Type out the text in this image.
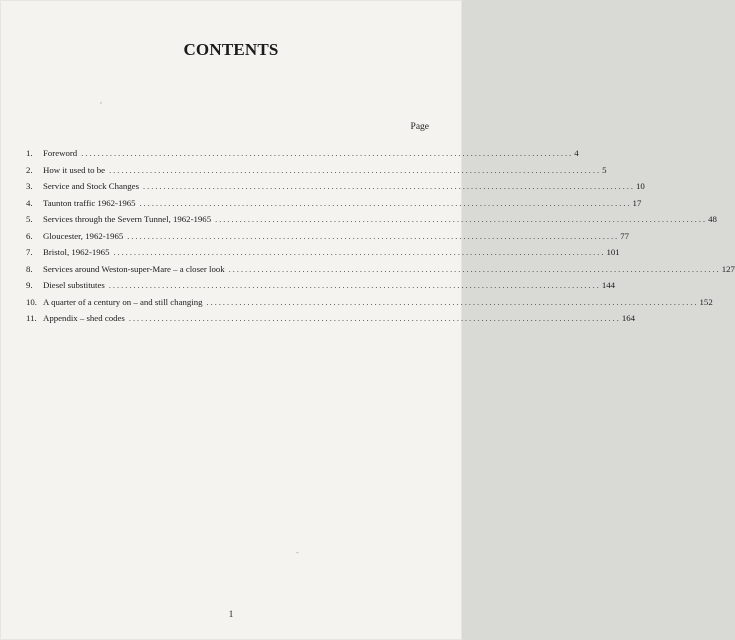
CONTENTS
Page
1.	Foreword ........................................................................................................................ 4
2.	How it used to be ........................................................................................................................ 5
3.	Service and Stock Changes ........................................................................................................................ 10
4.	Taunton traffic 1962-1965 ........................................................................................................................ 17
5.	Services through the Severn Tunnel, 1962-1965 ........................................................................................................................ 48
6.	Gloucester, 1962-1965 ........................................................................................................................ 77
7.	Bristol, 1962-1965 ........................................................................................................................ 101
8.	Services around Weston-super-Mare – a closer look ........................................................................................................................ 127
9.	Diesel substitutes ........................................................................................................................ 144
10. A quarter of a century on – and still changing ........................................................................................................................ 152
11. Appendix – shed codes ........................................................................................................................ 164
1
,
-
